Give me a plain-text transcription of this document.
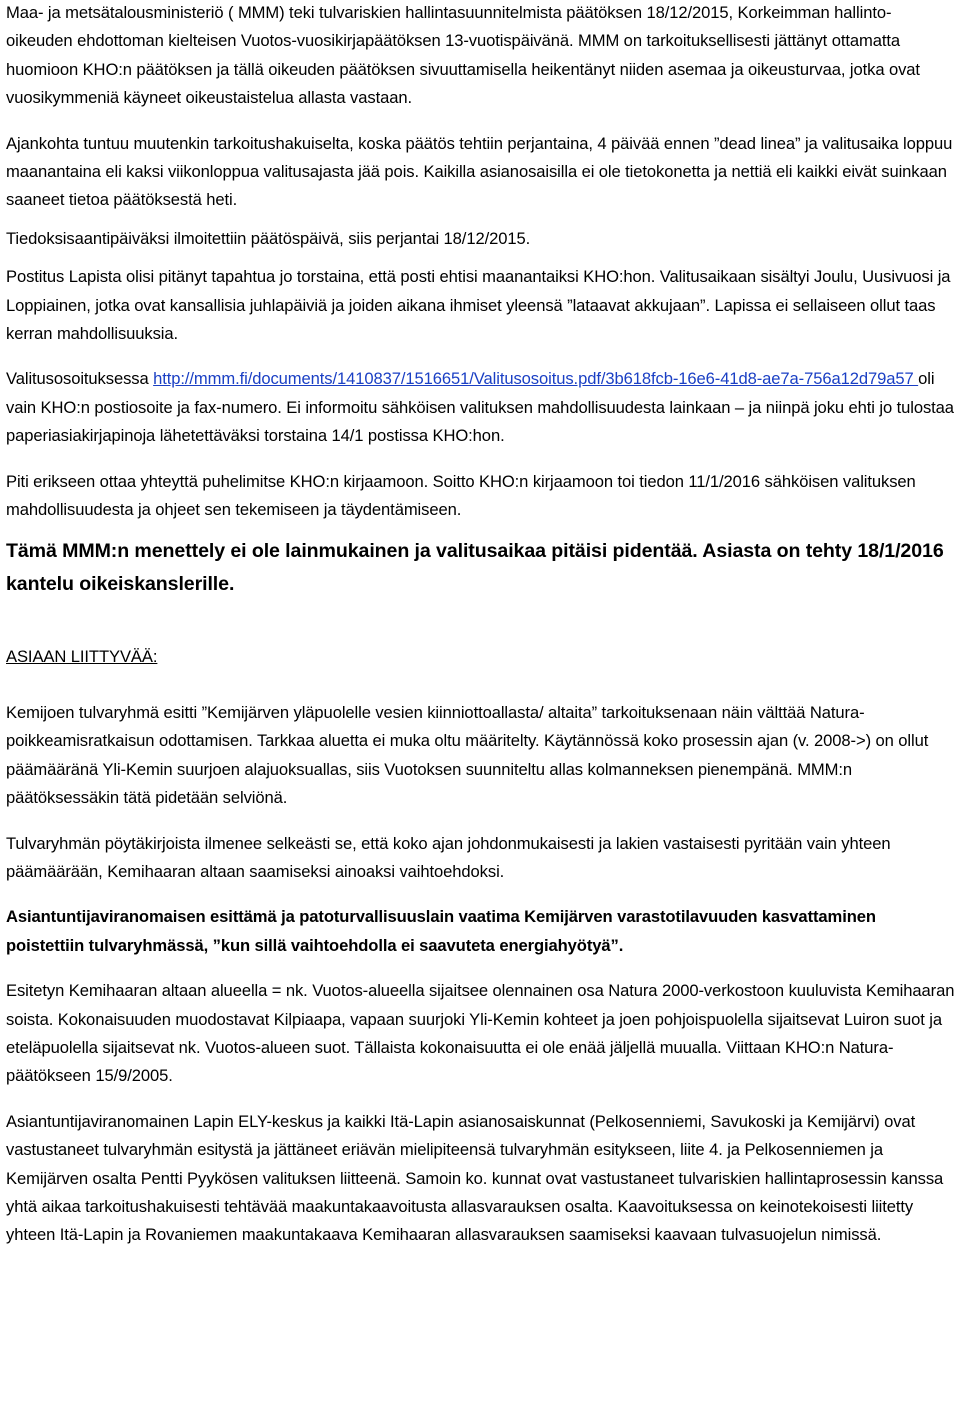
Maa- ja metsätalousministeriö ( MMM) teki tulvariskien hallintasuunnitelmista päätöksen 18/12/2015, Korkeimman hallinto-oikeuden ehdottoman kielteisen Vuotos-vuosikirjapäätöksen 13-vuotispäivänä. MMM on tarkoituksellisesti jättänyt ottamatta huomioon KHO:n päätöksen ja tällä oikeuden päätöksen sivuuttamisella heikentänyt niiden asemaa ja oikeusturvaa, jotka ovat vuosikymmeniä käyneet oikeustaistelua allasta vastaan.

Ajankohta tuntuu muutenkin tarkoitushakuiselta, koska päätös tehtiin perjantaina, 4 päivää ennen ”dead linea” ja valitusaika loppuu maanantaina eli kaksi viikonloppua valitusajasta jää pois. Kaikilla asianosaisilla ei ole tietokonetta ja nettiä eli kaikki eivät suinkaan saaneet tietoa päätöksestä heti.

Tiedoksisaantipäiväksi ilmoitettiin päätöspäivä, siis perjantai 18/12/2015.

Postitus Lapista olisi pitänyt tapahtua jo torstaina, että posti ehtisi maanantaiksi KHO:hon. Valitusaikaan sisältyi Joulu, Uusivuosi ja Loppiainen, jotka ovat kansallisia juhlapäiviä ja joiden aikana ihmiset yleensä ”lataavat akkujaan”. Lapissa ei sellaiseen ollut taas kerran mahdollisuuksia.

Valitusosoituksessa http://mmm.fi/documents/1410837/1516651/Valitusosoitus.pdf/3b618fcb-16e6-41d8-ae7a-756a12d79a57 oli vain KHO:n postiosoite ja fax-numero. Ei informoitu sähköisen valituksen mahdollisuudesta lainkaan – ja niinpä joku ehti jo tulostaa paperiasiakirjapinoja lähetettäväksi torstaina 14/1 postissa KHO:hon.

Piti erikseen ottaa yhteyttä puhelimitse KHO:n kirjaamoon. Soitto KHO:n kirjaamoon toi tiedon 11/1/2016 sähköisen valituksen mahdollisuudesta ja ohjeet sen tekemiseen ja täydentämiseen.

Tämä MMM:n menettely ei ole lainmukainen ja valitusaikaa pitäisi pidentää. Asiasta on tehty 18/1/2016 kantelu oikeiskanslerille.

ASIAAN LIITTYVÄÄ:

Kemijoen tulvaryhmä esitti ”Kemijärven yläpuolelle vesien kiinniottoallasta/ altaita” tarkoituksenaan näin välttää Natura-poikkeamisratkaisun odottamisen. Tarkkaa aluetta ei muka oltu määritelty. Käytännössä koko prosessin ajan (v. 2008->) on ollut päämääränä Yli-Kemin suurjoen alajuoksuallas, siis Vuotoksen suunniteltu allas kolmanneksen pienempänä. MMM:n päätöksessäkin tätä pidetään selviönä.

Tulvaryhmän pöytäkirjoista ilmenee selkeästi se, että koko ajan johdonmukaisesti ja lakien vastaisesti pyritään vain yhteen päämäärään, Kemihaaran altaan saamiseksi ainoaksi vaihtoehdoksi.

Asiantuntijaviranomaisen esittämä ja patoturvallisuuslain vaatima Kemijärven varastotilavuuden kasvattaminen poistettiin tulvaryhmässä, ”kun sillä vaihtoehdolla ei saavuteta energiahyötyä”.

Esitetyn Kemihaaran altaan alueella = nk. Vuotos-alueella sijaitsee olennainen osa Natura 2000-verkostoon kuuluvista Kemihaaran soista. Kokonaisuuden muodostavat Kilpiaapa, vapaan suurjoki Yli-Kemin kohteet ja joen pohjoispuolella sijaitsevat Luiron suot ja eteläpuolella sijaitsevat nk. Vuotos-alueen suot. Tällaista kokonaisuutta ei ole enää jäljellä muualla. Viittaan KHO:n Natura-päätökseen 15/9/2005.

Asiantuntijaviranomainen Lapin ELY-keskus ja kaikki Itä-Lapin asianosaiskunnat (Pelkosenniemi, Savukoski ja Kemijärvi) ovat vastustaneet tulvaryhmän esitystä ja jättäneet eriävän mielipiteensä tulvaryhmän esitykseen, liite 4. ja Pelkosenniemen ja Kemijärven osalta Pentti Pyykösen valituksen liitteenä. Samoin ko. kunnat ovat vastustaneet tulvariskien hallintaprosessin kanssa yhtä aikaa tarkoitushakuisesti tehtävää maakuntakaavoitusta allasvarauksen osalta. Kaavoituksessa on keinotekoisesti liitetty yhteen Itä-Lapin ja Rovaniemen maakuntakaava Kemihaaran allasvarauksen saamiseksi kaavaan tulvasuojelun nimissä.
